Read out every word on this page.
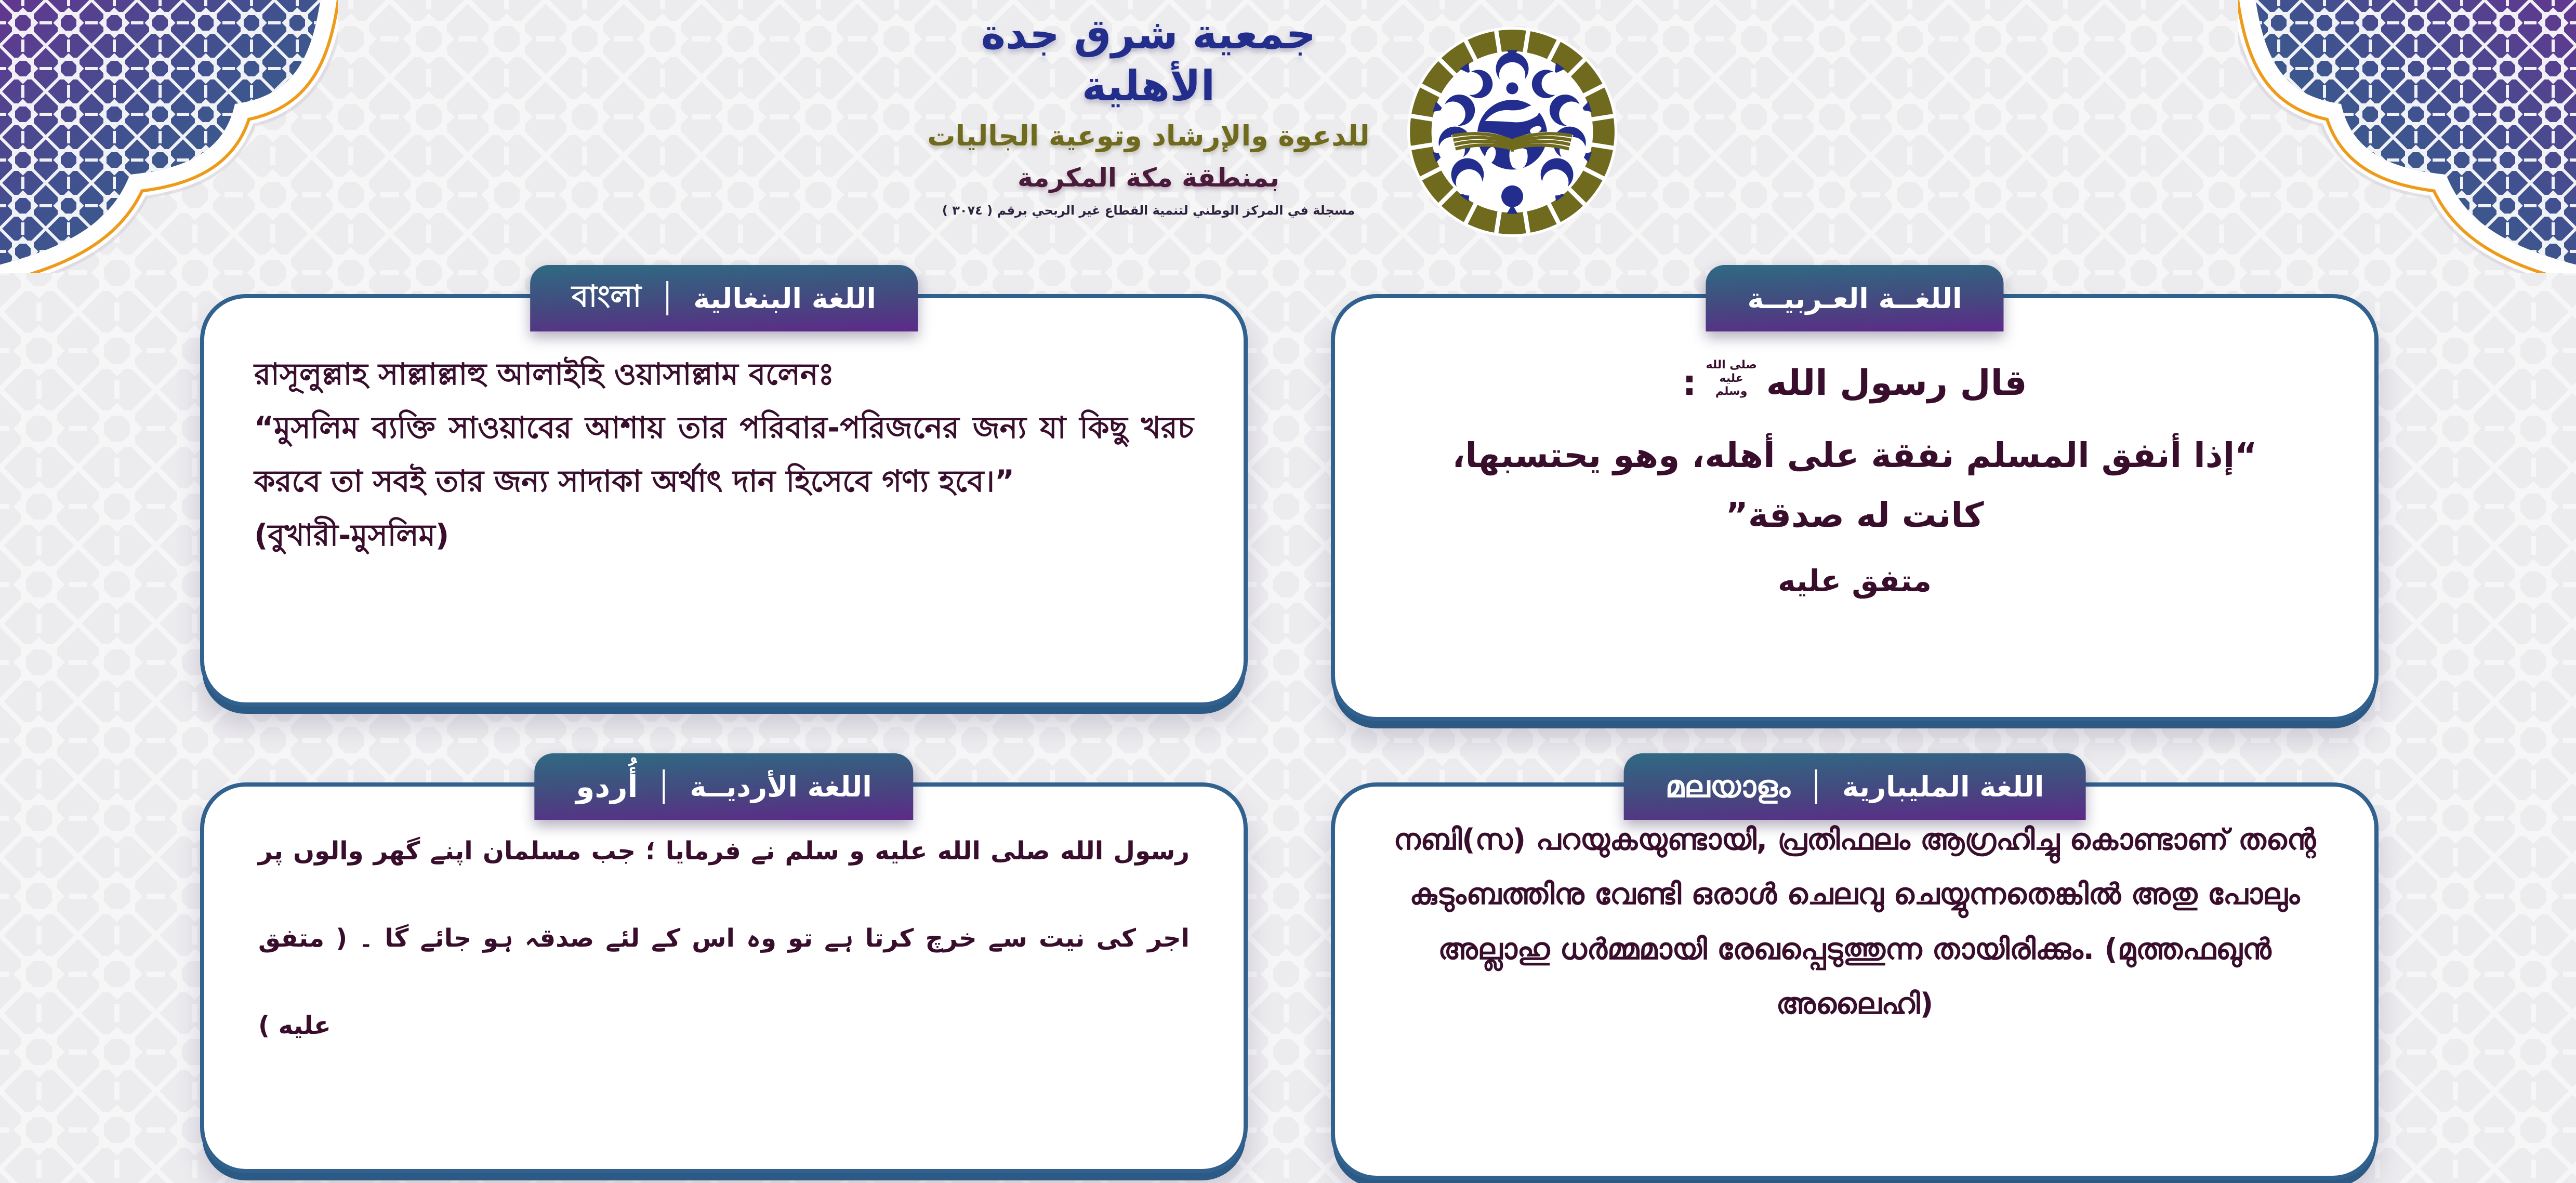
جمعية شرق جدة الأهلية
للدعوة والإرشاد وتوعية الجاليات
بمنطقة مكة المكرمة
مسجلة في المركز الوطني لتنمية القطاع غير الربحي برقم ( ٣٠٧٤ )
বাংলা اللغة البنغالية

রাসূলুল্লাহ সাল্লাল্লাহু আলাইহি ওয়াসাল্লাম বলেনঃ

“মুসলিম ব্যক্তি সাওয়াবের আশায় তার পরিবার-পরিজনের জন্য যা কিছু খরচ করবে তা সবই তার জন্য সাদাকা অর্থাৎ দান হিসেবে গণ্য হবে।”

(বুখারী-মুসলিম)

اللغــة العـربيــة
قال رسول الله
صلى الله
عليه
وسلم
:

“إذا أنفق المسلم نفقة على أهله، وهو يحتسبها، كانت له صدقة”

متفق عليه

أُردو اللغة الأرديــة

رسول الله صلى الله عليه و سلم نے فرمایا ؛ جب مسلمان اپنے گھر والوں پر اجر کی نیت سے خرچ کرتا ہے تو وہ اس کے لئے صدقہ ہو جائے گا ۔ ( متفق عليه )

മലയാളം اللغة المليبارية

നബി(സ) പറയുകയുണ്ടായി, പ്രതിഫലം ആഗ്രഹിച്ചു കൊണ്ടാണ് തന്റെ കുടുംബത്തിനു വേണ്ടി ഒരാൾ ചെലവു ചെയ്യുന്നതെങ്കിൽ അതു പോലും അല്ലാഹു ധർമ്മമായി രേഖപ്പെടുത്തുന്ന തായിരിക്കും. (മുത്തഫഖുൻ അലൈഹി)
